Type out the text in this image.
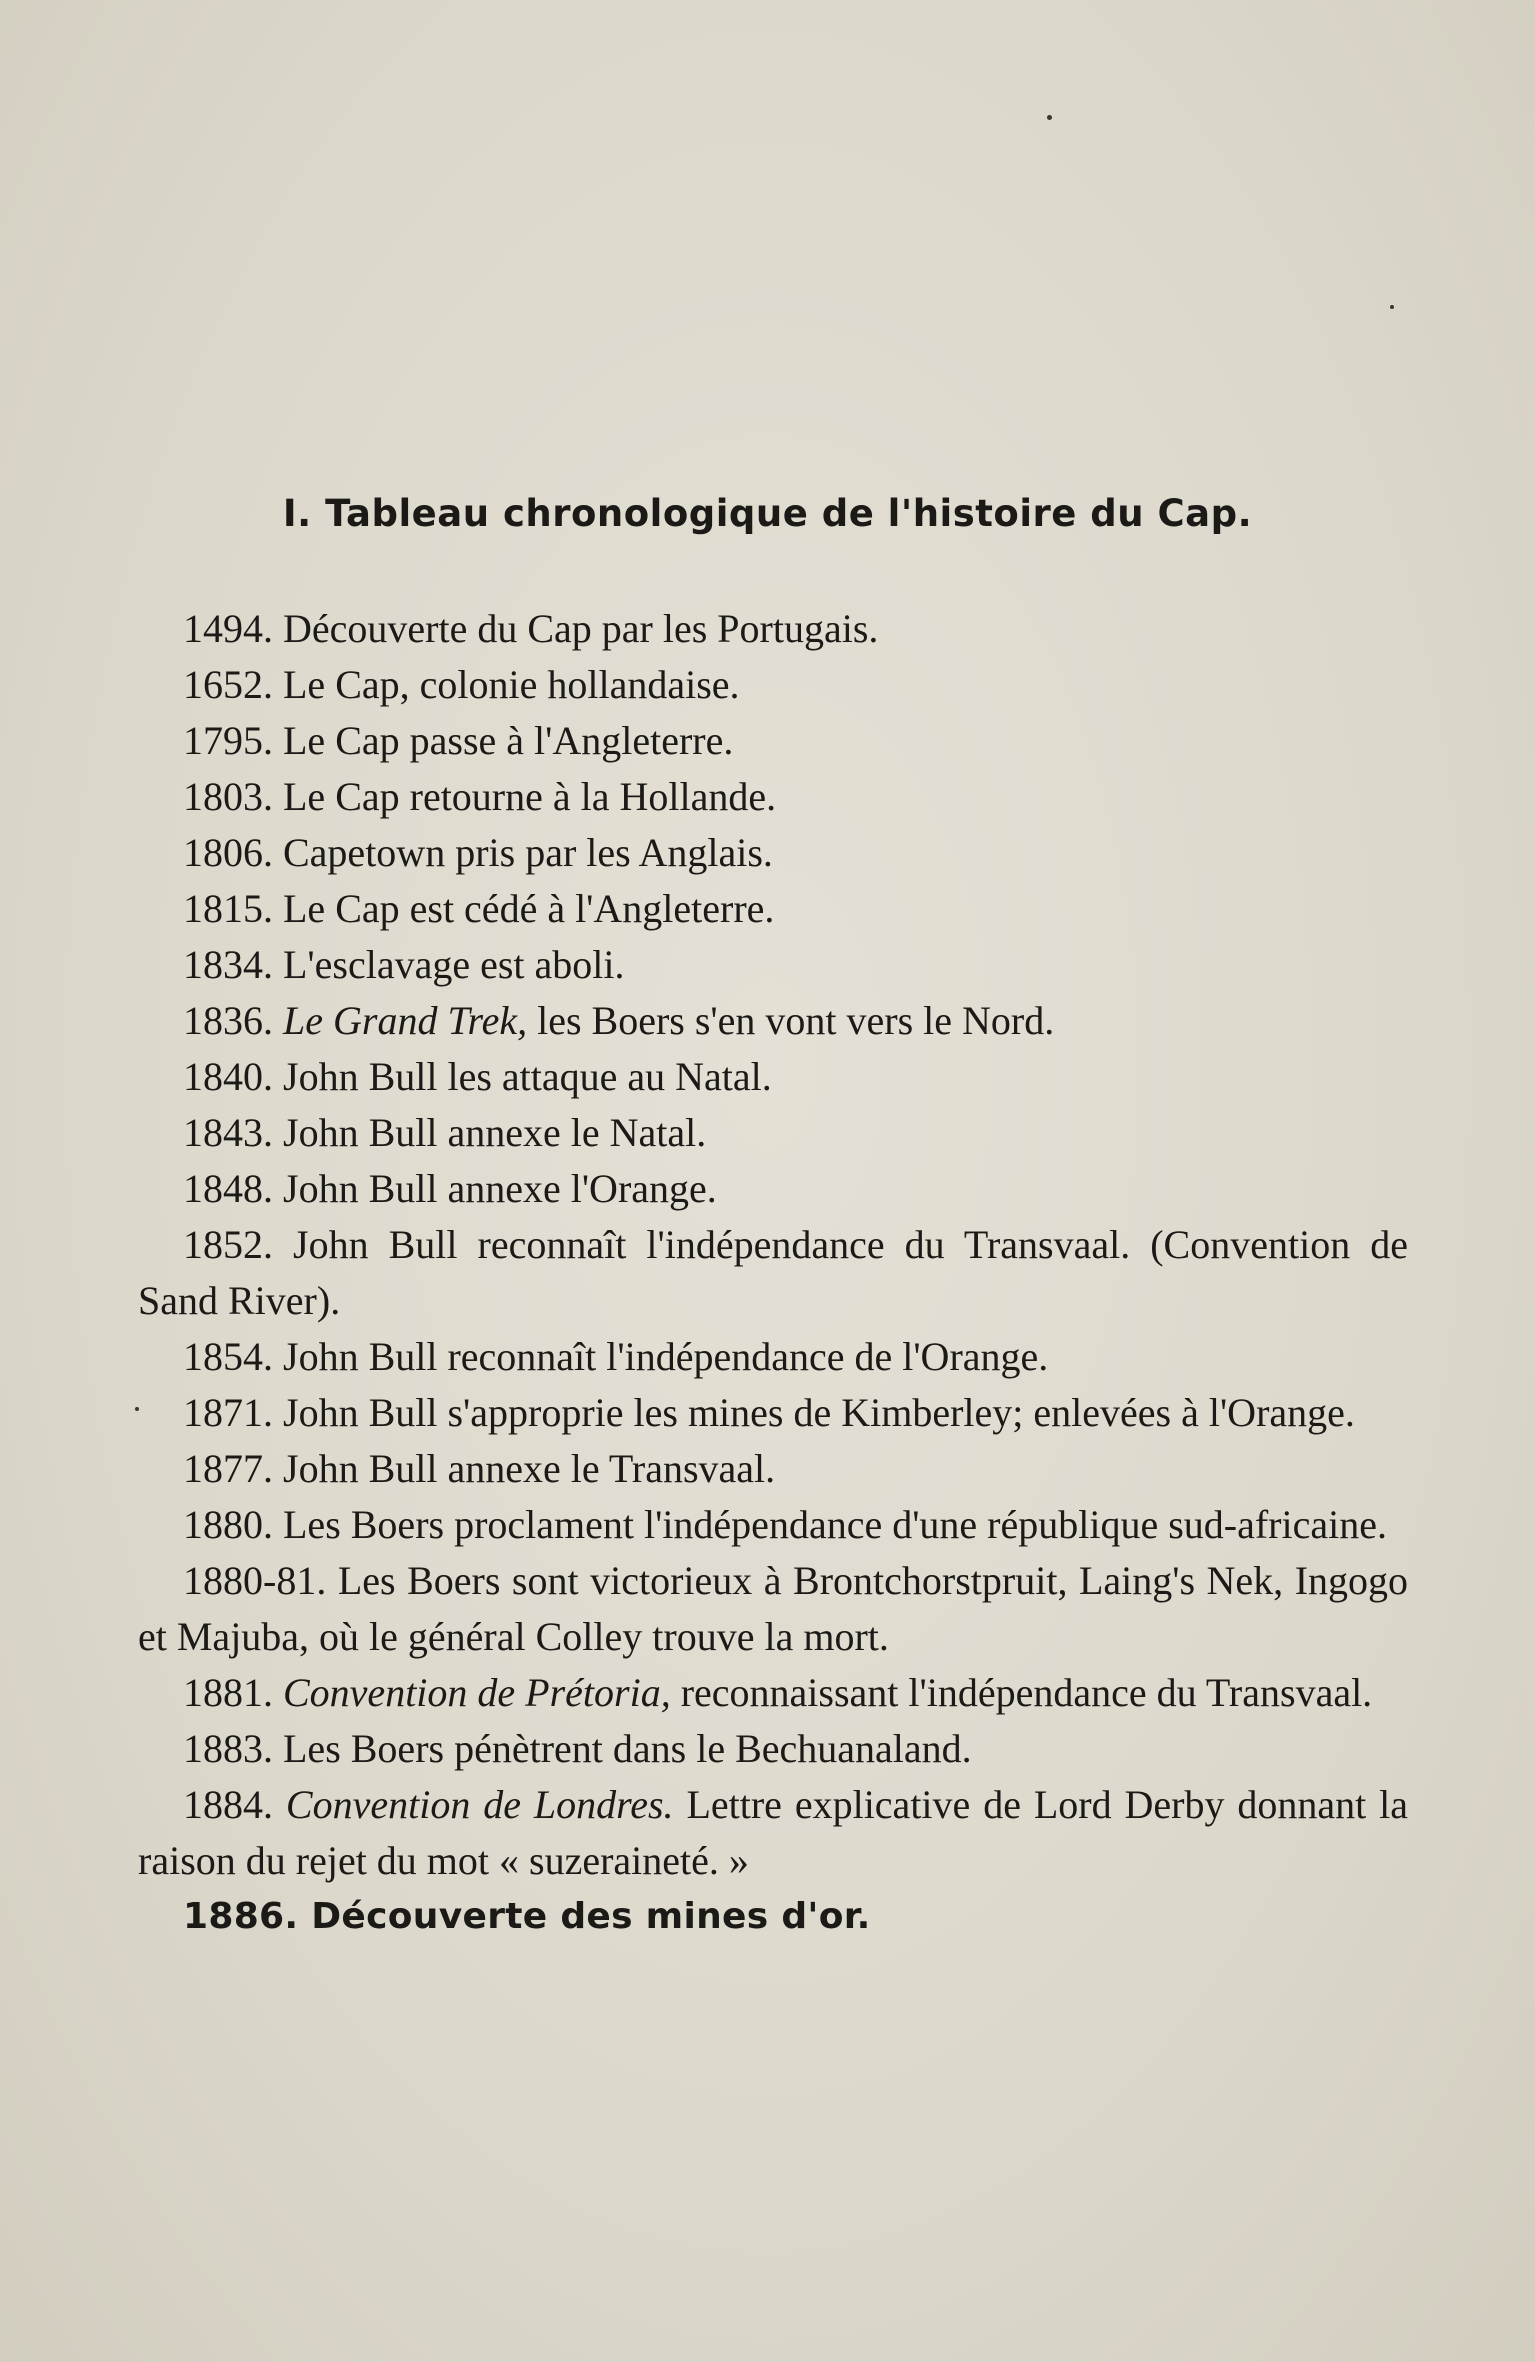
I. Tableau chronologique de l'histoire du Cap.

1494. Découverte du Cap par les Portugais.

1652. Le Cap, colonie hollandaise.

1795. Le Cap passe à l'Angleterre.

1803. Le Cap retourne à la Hollande.

1806. Capetown pris par les Anglais.

1815. Le Cap est cédé à l'Angleterre.

1834. L'esclavage est aboli.

1836. Le Grand Trek, les Boers s'en vont vers le Nord.

1840. John Bull les attaque au Natal.

1843. John Bull annexe le Natal.

1848. John Bull annexe l'Orange.

1852. John Bull reconnaît l'indépendance du Transvaal. (Convention de Sand River).

1854. John Bull reconnaît l'indépendance de l'Orange.

1871. John Bull s'approprie les mines de Kimberley; enlevées à l'Orange.

1877. John Bull annexe le Transvaal.

1880. Les Boers proclament l'indépendance d'une république sud-africaine.

1880-81. Les Boers sont victorieux à Brontchorstpruit, Laing's Nek, Ingogo et Majuba, où le général Colley trouve la mort.

1881. Convention de Prétoria, reconnaissant l'indépendance du Transvaal.

1883. Les Boers pénètrent dans le Bechuanaland.

1884. Convention de Londres. Lettre explicative de Lord Derby donnant la raison du rejet du mot « suzeraineté. »

1886. Découverte des mines d'or.
